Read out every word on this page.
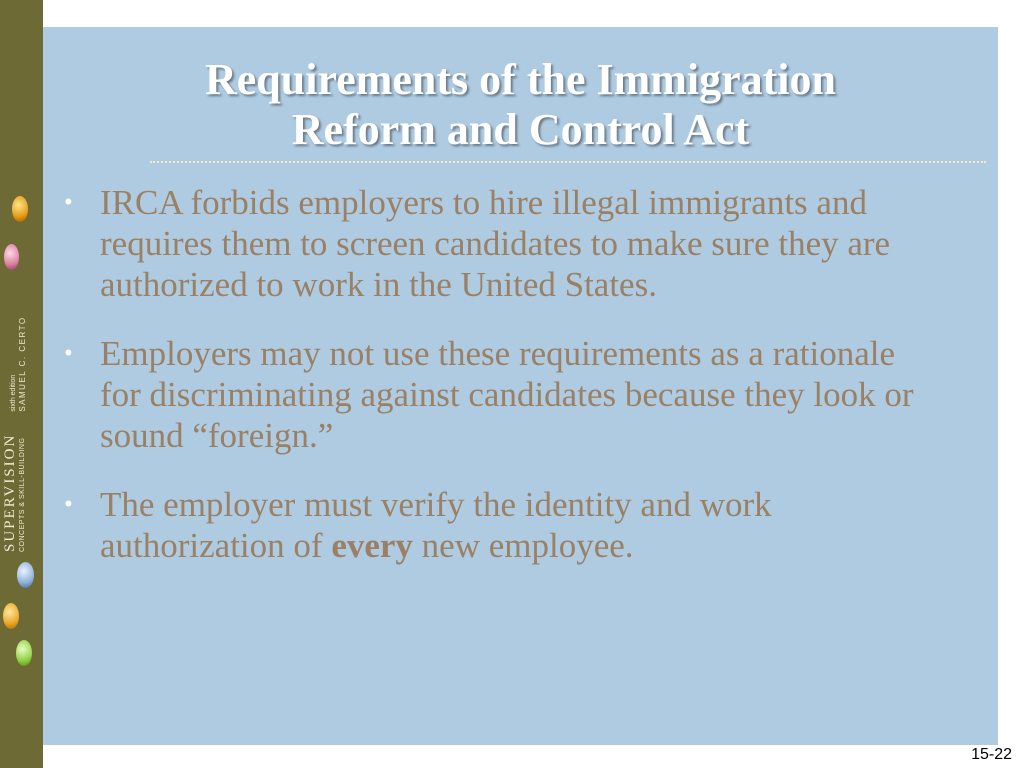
SUPERVISION CONCEPTS & SKILL-BUILDING
sixth edition SAMUEL C. CERTO
Requirements of the Immigration
Reform and Control Act
• IRCA forbids employers to hire illegal immigrants and requires them to screen candidates to make sure they are authorized to work in the United States.
• Employers may not use these requirements as a rationale for discriminating against candidates because they look or sound “foreign.”
• The employer must verify the identity and work authorization of every new employee.
15-22
